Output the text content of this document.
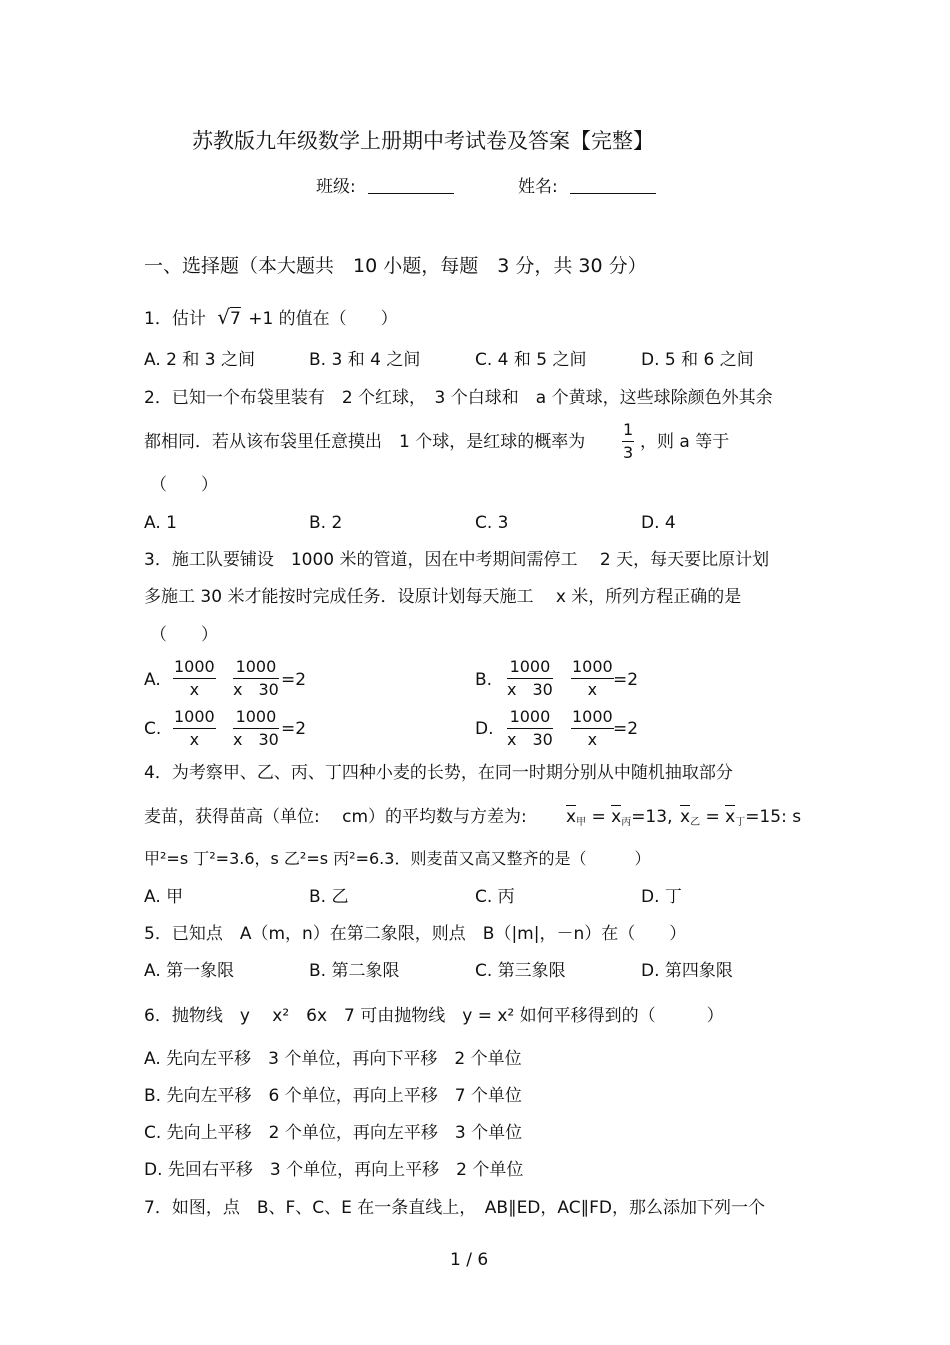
苏教版九年级数学上册期中考试卷及答案【完整】
班级:	姓名:
一、选择题（本大题共　10 小题，每题　3 分，共 30 分）
1．估计 √7 +1 的值在（　　）
A. 2 和 3 之间	B. 3 和 4 之间	C. 4 和 5 之间	D. 5 和 6 之间
2．已知一个布袋里装有　2 个红球，　3 个白球和　a 个黄球，这些球除颜色外其余
都相同．若从该布袋里任意摸出　1 个球，是红球的概率为 $\frac{1}{3}$ ，则 a 等于
（　　）
A. 1	B. 2	C. 3	D. 4
3．施工队要铺设　1000 米的管道，因在中考期间需停工　 2 天，每天要比原计划
多施工 30 米才能按时完成任务．设原计划每天施工　 x 米，所列方程正确的是
（　　）
A. $\frac{1000}{x} \frac{1000}{x 30} =2$	B. $\frac{1000}{x 30} \frac{1000}{x} =2$
C. $\frac{1000}{x} \frac{1000}{x 30} =2$	D. $\frac{1000}{x 30} \frac{1000}{x} =2$
4．为考察甲、乙、丙、丁四种小麦的长势，在同一时期分别从中随机抽取部分
麦苗，获得苗高（单位:　 cm）的平均数与方差为: $x_甲 = x_丙=13$, $x_乙 = x_丁=15$: s
甲²=s 丁²=3.6，s 乙²=s 丙²=6.3．则麦苗又高又整齐的是（　　　）
A. 甲	B. 乙	C. 丙	D. 丁
5．已知点　A（m，n）在第二象限，则点　B（|m|，－n）在（　　）
A. 第一象限	B. 第二象限	C. 第三象限	D. 第四象限
6．抛物线　y　 x²　6x　7 可由抛物线　y = x² 如何平移得到的（　　　）
A. 先向左平移　3 个单位，再向下平移　2 个单位
B. 先向左平移　6 个单位，再向上平移　7 个单位
C. 先向上平移　2 个单位，再向左平移　3 个单位
D. 先回右平移　3 个单位，再向上平移　2 个单位
7．如图，点　B、F、C、E 在一条直线上，　AB∥ED，AC∥FD，那么添加下列一个
1 / 6
